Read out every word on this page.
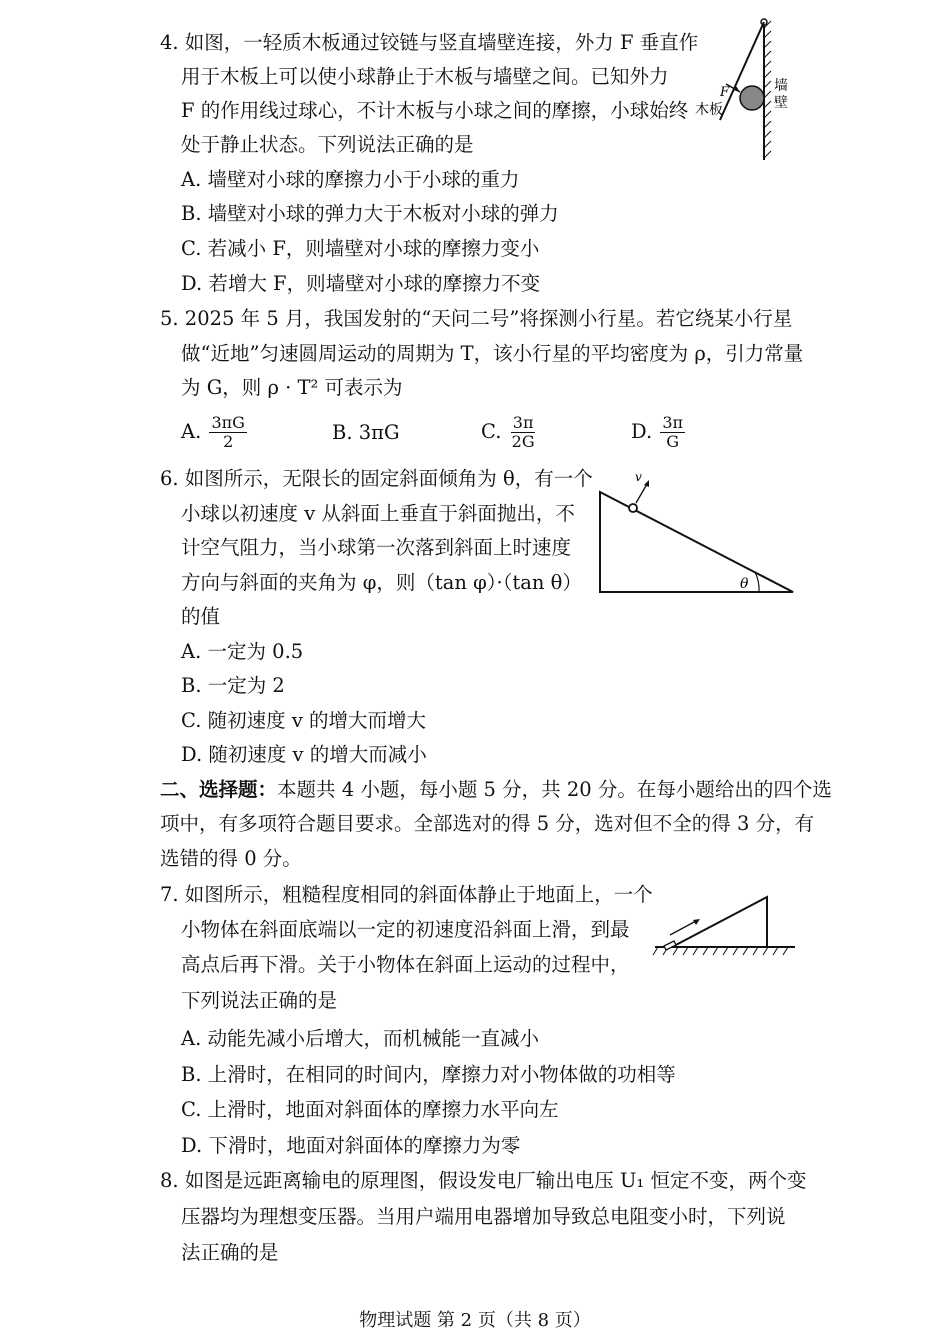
4. 如图，一轻质木板通过铰链与竖直墙壁连接，外力 F 垂直作
用于木板上可以使小球静止于木板与墙壁之间。已知外力
F 的作用线过球心，不计木板与小球之间的摩擦，小球始终
处于静止状态。下列说法正确的是
A. 墙壁对小球的摩擦力小于小球的重力
B. 墙壁对小球的弹力大于木板对小球的弹力
C. 若减小 F，则墙壁对小球的摩擦力变小
D. 若增大 F，则墙壁对小球的摩擦力不变
F
木板
墙
壁
5. 2025 年 5 月，我国发射的“天问二号”将探测小行星。若它绕某小行星
做“近地”匀速圆周运动的周期为 T，该小行星的平均密度为 ρ，引力常量
为 G，则 ρ · T² 可表示为
A. $\frac{3\pi G}{2}$	B. 3πG	C. $\frac{3\pi}{2G}$	D. $\frac{3\pi}{G}$
6. 如图所示，无限长的固定斜面倾角为 θ，有一个
小球以初速度 v 从斜面上垂直于斜面抛出，不
计空气阻力，当小球第一次落到斜面上时速度
方向与斜面的夹角为 φ，则（tan φ）·（tan θ）
的值
A. 一定为 0.5
B. 一定为 2
C. 随初速度 v 的增大而增大
D. 随初速度 v 的增大而减小
v
θ
二、选择题：本题共 4 小题，每小题 5 分，共 20 分。在每小题给出的四个选
项中，有多项符合题目要求。全部选对的得 5 分，选对但不全的得 3 分，有
选错的得 0 分。
7. 如图所示，粗糙程度相同的斜面体静止于地面上，一个
小物体在斜面底端以一定的初速度沿斜面上滑，到最
高点后再下滑。关于小物体在斜面上运动的过程中，
下列说法正确的是
A. 动能先减小后增大，而机械能一直减小
B. 上滑时，在相同的时间内，摩擦力对小物体做的功相等
C. 上滑时，地面对斜面体的摩擦力水平向左
D. 下滑时，地面对斜面体的摩擦力为零
8. 如图是远距离输电的原理图，假设发电厂输出电压 U₁ 恒定不变，两个变
压器均为理想变压器。当用户端用电器增加导致总电阻变小时，下列说
法正确的是
物理试题 第 2 页（共 8 页）
